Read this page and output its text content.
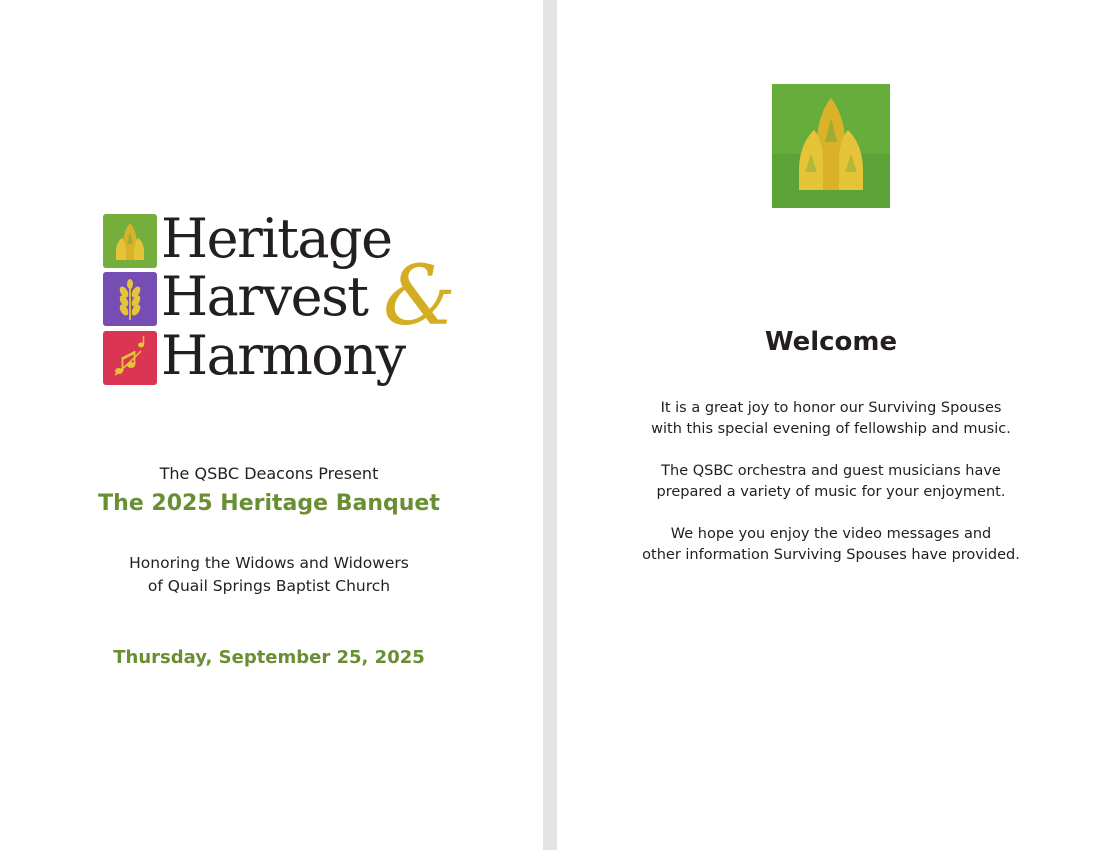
Heritage
Harvest &
Harmony
The QSBC Deacons Present
The 2025 Heritage Banquet
Honoring the Widows and Widowers
of Quail Springs Baptist Church
Thursday, September 25, 2025
Welcome

It is a great joy to honor our Surviving Spouses
with this special evening of fellowship and music.

The QSBC orchestra and guest musicians have
prepared a variety of music for your enjoyment.

We hope you enjoy the video messages and
other information Surviving Spouses have provided.
